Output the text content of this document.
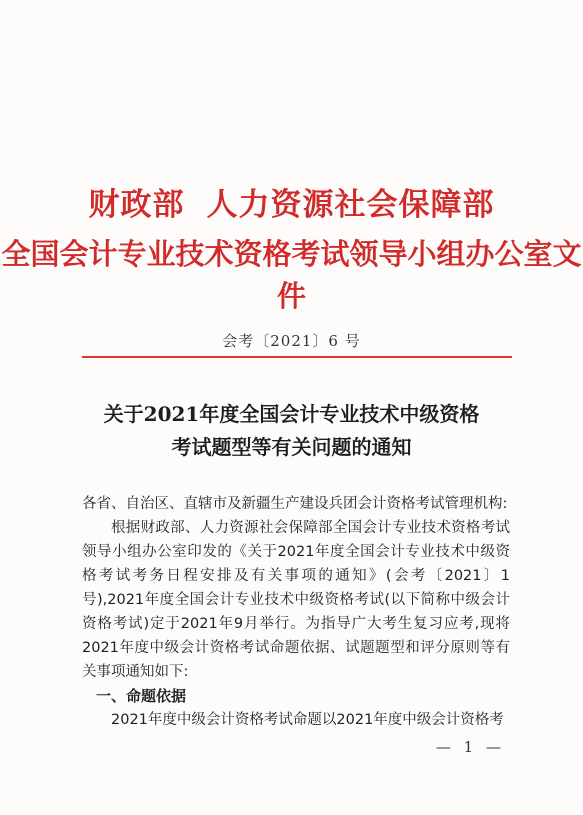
财政部 人力资源社会保障部
全国会计专业技术资格考试领导小组办公室文件
会考〔2021〕6 号
关于2021年度全国会计专业技术中级资格
考试题型等有关问题的通知

各省、自治区、直辖市及新疆生产建设兵团会计资格考试管理机构:

根据财政部、人力资源社会保障部全国会计专业技术资格考试领导小组办公室印发的《关于2021年度全国会计专业技术中级资格考试考务日程安排及有关事项的通知》(会考〔2021〕1号),2021年度全国会计专业技术中级资格考试(以下简称中级会计资格考试)定于2021年9月举行。为指导广大考生复习应考,现将2021年度中级会计资格考试命题依据、试题题型和评分原则等有关事项通知如下:

一、命题依据

2021年度中级会计资格考试命题以2021年度中级会计资格考

— 1 —
